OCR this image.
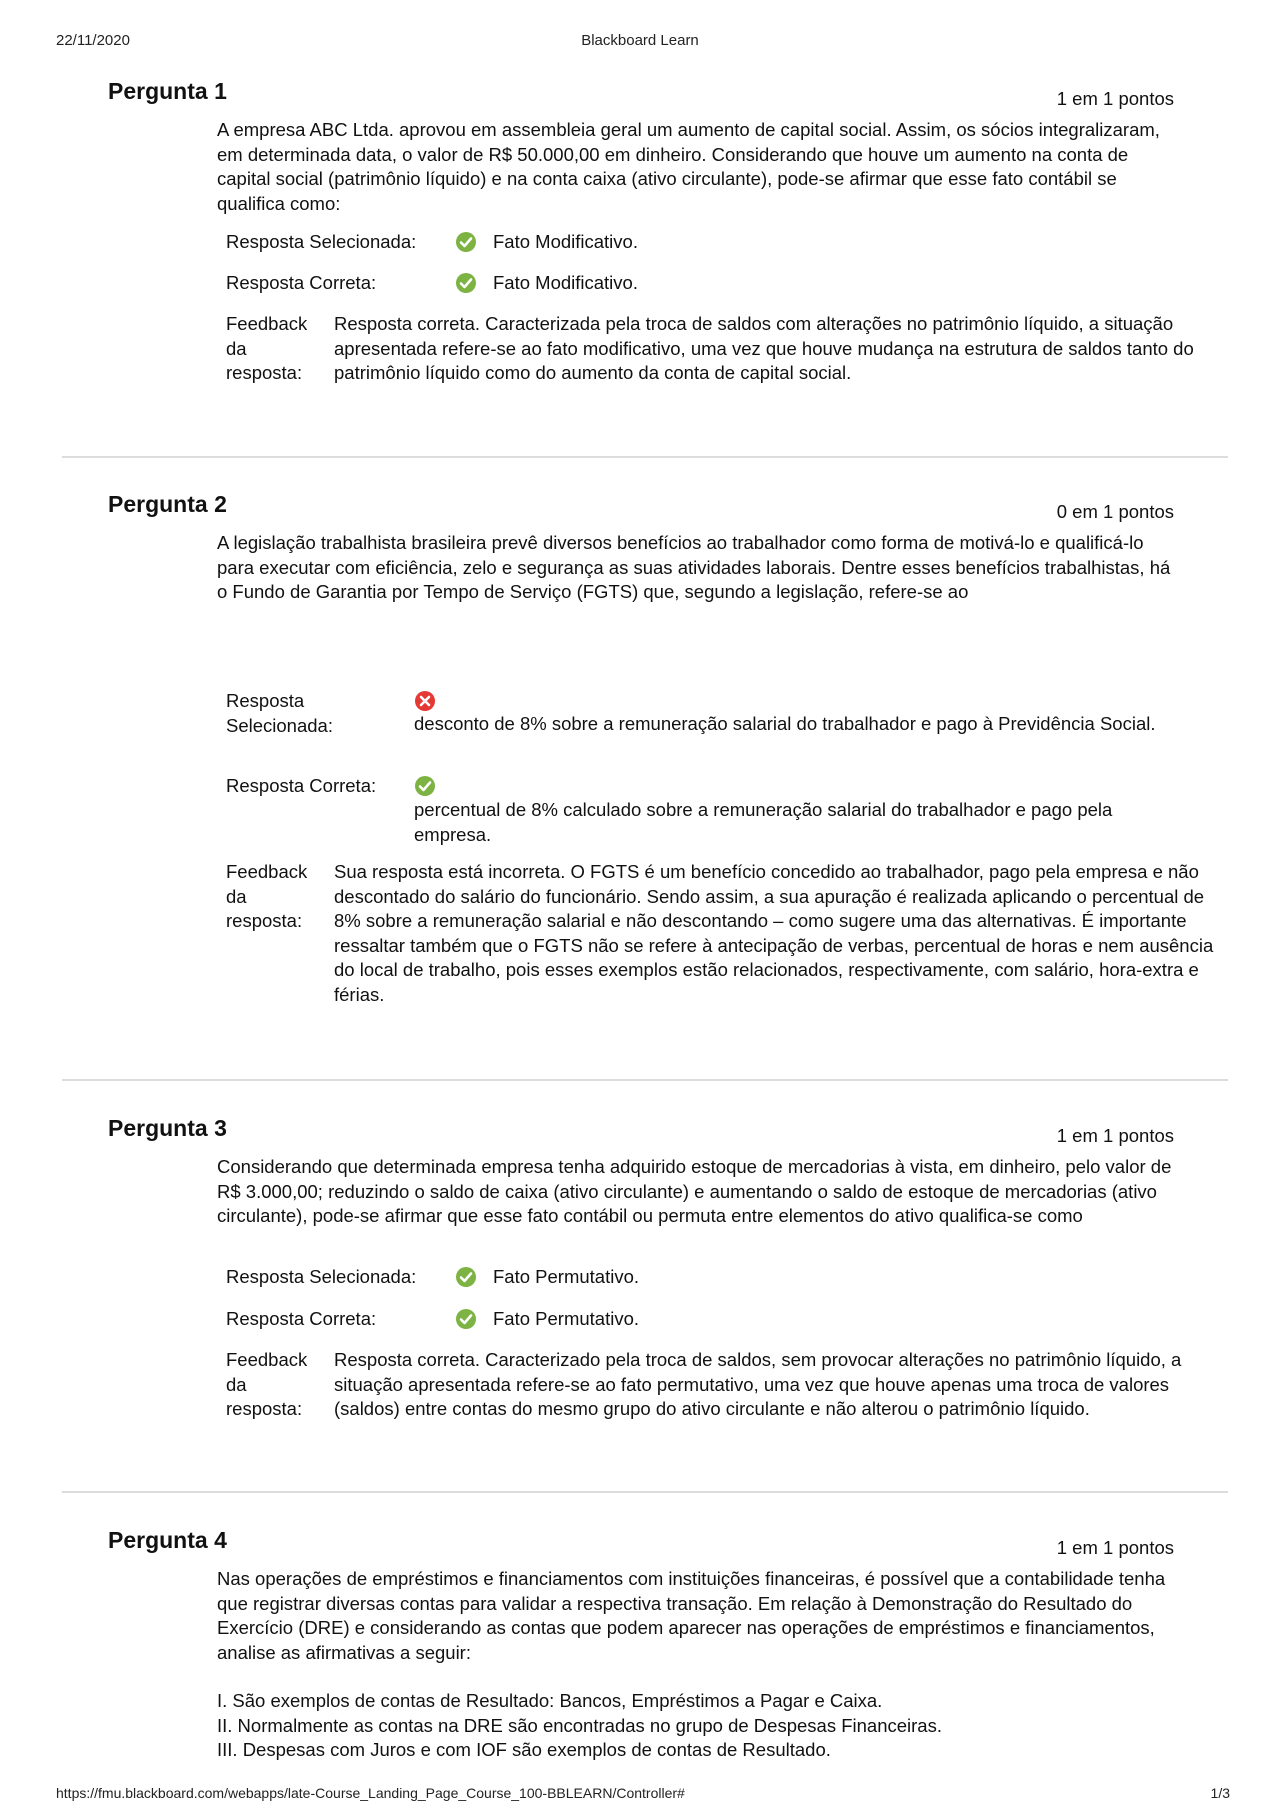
22/11/2020	Blackboard Learn
Pergunta 1	1 em 1 pontos
A empresa ABC Ltda. aprovou em assembleia geral um aumento de capital social. Assim, os sócios integralizaram, em determinada data, o valor de R$ 50.000,00 em dinheiro. Considerando que houve um aumento na conta de capital social (patrimônio líquido) e na conta caixa (ativo circulante), pode-se afirmar que esse fato contábil se qualifica como:
Resposta Selecionada:	Fato Modificativo.
Resposta Correta:	Fato Modificativo.
Feedback
da
resposta:
Resposta correta. Caracterizada pela troca de saldos com alterações no patrimônio líquido, a situação apresentada refere-se ao fato modificativo, uma vez que houve mudança na estrutura de saldos tanto do patrimônio líquido como do aumento da conta de capital social.
Pergunta 2	0 em 1 pontos
A legislação trabalhista brasileira prevê diversos benefícios ao trabalhador como forma de motivá-lo e qualificá-lo para executar com eficiência, zelo e segurança as suas atividades laborais. Dentre esses benefícios trabalhistas, há o Fundo de Garantia por Tempo de Serviço (FGTS) que, segundo a legislação, refere-se ao
Resposta
Selecionada:	desconto de 8% sobre a remuneração salarial do trabalhador e pago à Previdência Social.
Resposta Correta:
percentual de 8% calculado sobre a remuneração salarial do trabalhador e pago pela empresa.
Feedback
da
resposta:
Sua resposta está incorreta. O FGTS é um benefício concedido ao trabalhador, pago pela empresa e não descontado do salário do funcionário. Sendo assim, a sua apuração é realizada aplicando o percentual de 8% sobre a remuneração salarial e não descontando – como sugere uma das alternativas. É importante ressaltar também que o FGTS não se refere à antecipação de verbas, percentual de horas e nem ausência do local de trabalho, pois esses exemplos estão relacionados, respectivamente, com salário, hora-extra e férias.
Pergunta 3	1 em 1 pontos
Considerando que determinada empresa tenha adquirido estoque de mercadorias à vista, em dinheiro, pelo valor de R$ 3.000,00; reduzindo o saldo de caixa (ativo circulante) e aumentando o saldo de estoque de mercadorias (ativo circulante), pode-se afirmar que esse fato contábil ou permuta entre elementos do ativo qualifica-se como
Resposta Selecionada:	Fato Permutativo.
Resposta Correta:	Fato Permutativo.
Feedback
da
resposta:
Resposta correta. Caracterizado pela troca de saldos, sem provocar alterações no patrimônio líquido, a situação apresentada refere-se ao fato permutativo, uma vez que houve apenas uma troca de valores (saldos) entre contas do mesmo grupo do ativo circulante e não alterou o patrimônio líquido.
Pergunta 4	1 em 1 pontos
Nas operações de empréstimos e financiamentos com instituições financeiras, é possível que a contabilidade tenha que registrar diversas contas para validar a respectiva transação. Em relação à Demonstração do Resultado do Exercício (DRE) e considerando as contas que podem aparecer nas operações de empréstimos e financiamentos, analise as afirmativas a seguir:
I. São exemplos de contas de Resultado: Bancos, Empréstimos a Pagar e Caixa.
II. Normalmente as contas na DRE são encontradas no grupo de Despesas Financeiras.
III. Despesas com Juros e com IOF são exemplos de contas de Resultado.
https://fmu.blackboard.com/webapps/late-Course_Landing_Page_Course_100-BBLEARN/Controller#	1/3
